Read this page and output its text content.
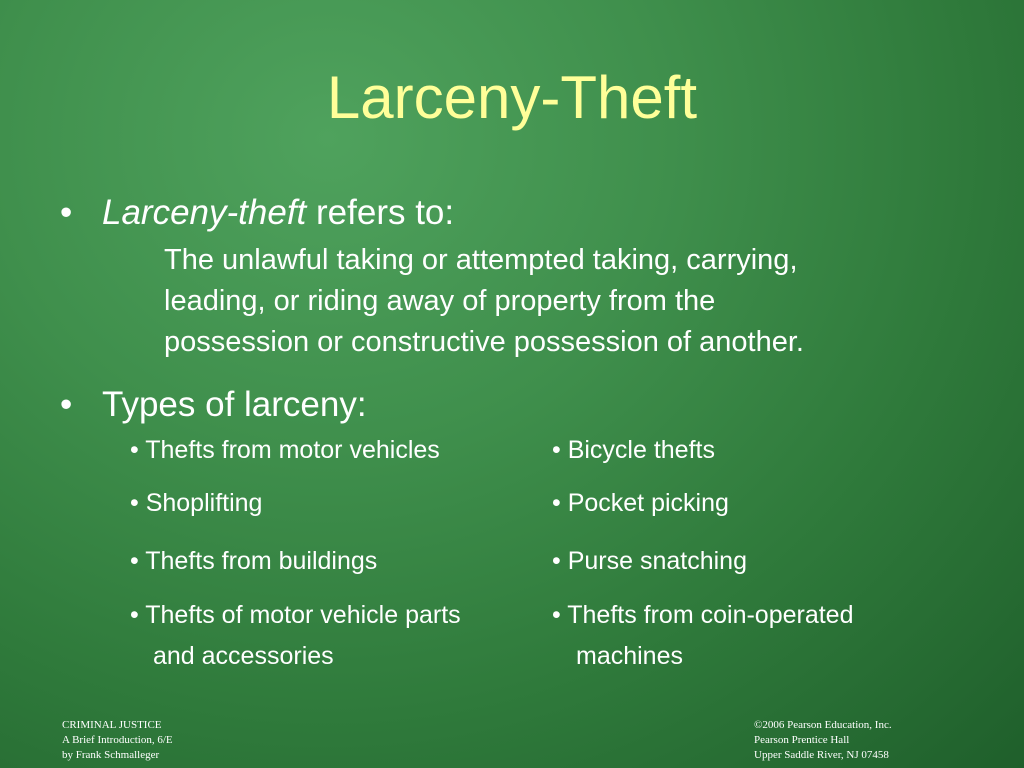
Larceny-Theft
• Larceny-theft refers to:
The unlawful taking or attempted taking, carrying,
leading, or riding away of property from the
possession or constructive possession of another.
• Types of larceny:
• Thefts from motor vehicles	• Bicycle thefts
• Shoplifting	• Pocket picking
• Thefts from buildings	• Purse snatching
• Thefts of motor vehicle parts
and accessories
• Thefts from coin-operated
machines
CRIMINAL JUSTICE
A Brief Introduction, 6/E
by Frank Schmalleger
©2006 Pearson Education, Inc.
Pearson Prentice Hall
Upper Saddle River, NJ 07458
